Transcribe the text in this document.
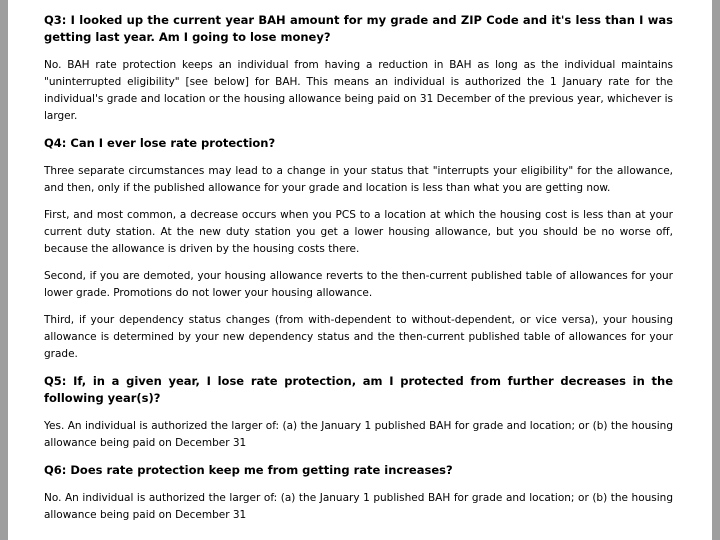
Q3: I looked up the current year BAH amount for my grade and ZIP Code and it's less than I was getting last year. Am I going to lose money?

No. BAH rate protection keeps an individual from having a reduction in BAH as long as the individual maintains "uninterrupted eligibility" [see below] for BAH. This means an individual is authorized the 1 January rate for the individual's grade and location or the housing allowance being paid on 31 December of the previous year, whichever is larger.

Q4: Can I ever lose rate protection?

Three separate circumstances may lead to a change in your status that "interrupts your eligibility" for the allowance, and then, only if the published allowance for your grade and location is less than what you are getting now.

First, and most common, a decrease occurs when you PCS to a location at which the housing cost is less than at your current duty station. At the new duty station you get a lower housing allowance, but you should be no worse off, because the allowance is driven by the housing costs there.

Second, if you are demoted, your housing allowance reverts to the then-current published table of allowances for your lower grade. Promotions do not lower your housing allowance.

Third, if your dependency status changes (from with-dependent to without-dependent, or vice versa), your housing allowance is determined by your new dependency status and the then-current published table of allowances for your grade.

Q5: If, in a given year, I lose rate protection, am I protected from further decreases in the following year(s)?

Yes. An individual is authorized the larger of: (a) the January 1 published BAH for grade and location; or (b) the housing allowance being paid on December 31

Q6: Does rate protection keep me from getting rate increases?

No. An individual is authorized the larger of: (a) the January 1 published BAH for grade and location; or (b) the housing allowance being paid on December 31
